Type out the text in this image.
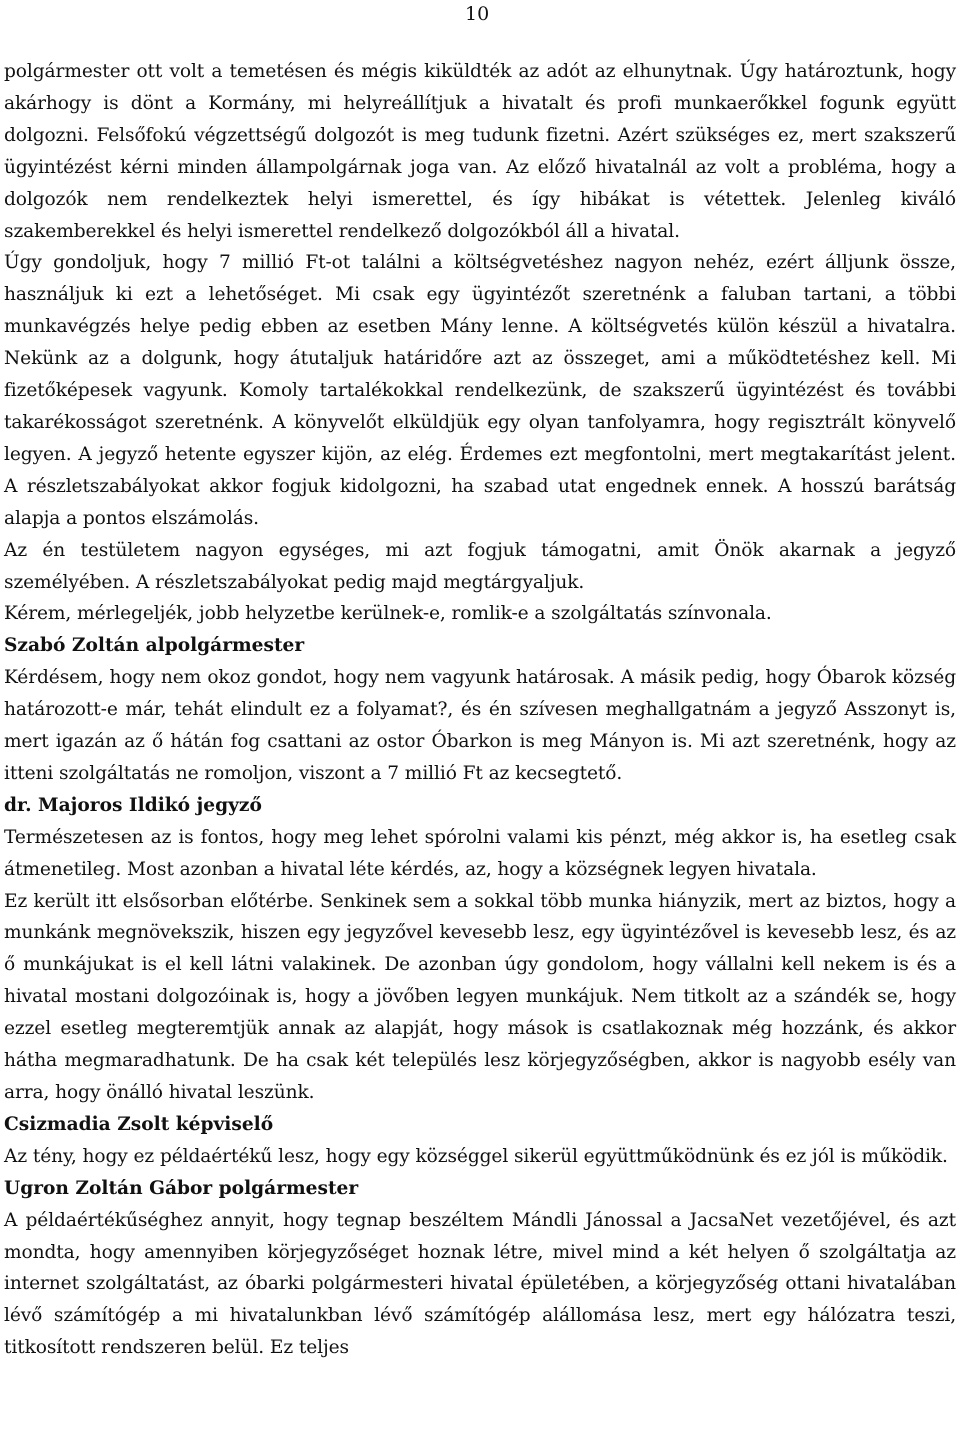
10

polgármester ott volt a temetésen és mégis kiküldték az adót az elhunytnak. Úgy határoztunk, hogy akárhogy is dönt a Kormány, mi helyreállítjuk a hivatalt és profi munkaerőkkel fogunk együtt dolgozni. Felsőfokú végzettségű dolgozót is meg tudunk fizetni. Azért szükséges ez, mert szakszerű ügyintézést kérni minden állampolgárnak joga van. Az előző hivatalnál az volt a probléma, hogy a dolgozók nem rendelkeztek helyi ismerettel, és így hibákat is vétettek. Jelenleg kiváló szakemberekkel és helyi ismerettel rendelkező dolgozókból áll a hivatal.

Úgy gondoljuk, hogy 7 millió Ft-ot találni a költségvetéshez nagyon nehéz, ezért álljunk össze, használjuk ki ezt a lehetőséget. Mi csak egy ügyintézőt szeretnénk a faluban tartani, a többi munkavégzés helye pedig ebben az esetben Mány lenne. A költségvetés külön készül a hivatalra. Nekünk az a dolgunk, hogy átutaljuk határidőre azt az összeget, ami a működtetéshez kell. Mi fizetőképesek vagyunk. Komoly tartalékokkal rendelkezünk, de szakszerű ügyintézést és további takarékosságot szeretnénk. A könyvelőt elküldjük egy olyan tanfolyamra, hogy regisztrált könyvelő legyen. A jegyző hetente egyszer kijön, az elég. Érdemes ezt megfontolni, mert megtakarítást jelent. A részletszabályokat akkor fogjuk kidolgozni, ha szabad utat engednek ennek. A hosszú barátság alapja a pontos elszámolás.

Az én testületem nagyon egységes, mi azt fogjuk támogatni, amit Önök akarnak a jegyző személyében. A részletszabályokat pedig majd megtárgyaljuk.

Kérem, mérlegeljék, jobb helyzetbe kerülnek-e, romlik-e a szolgáltatás színvonala.

Szabó Zoltán alpolgármester

Kérdésem, hogy nem okoz gondot, hogy nem vagyunk határosak. A másik pedig, hogy Óbarok község határozott-e már, tehát elindult ez a folyamat?, és én szívesen meghallgatnám a jegyző Asszonyt is, mert igazán az ő hátán fog csattani az ostor Óbarkon is meg Mányon is. Mi azt szeretnénk, hogy az itteni szolgáltatás ne romoljon, viszont a 7 millió Ft az kecsegtető.

dr. Majoros Ildikó jegyző

Természetesen az is fontos, hogy meg lehet spórolni valami kis pénzt, még akkor is, ha esetleg csak átmenetileg. Most azonban a hivatal léte kérdés, az, hogy a községnek legyen hivatala.

Ez került itt elsősorban előtérbe. Senkinek sem a sokkal több munka hiányzik, mert az biztos, hogy a munkánk megnövekszik, hiszen egy jegyzővel kevesebb lesz, egy ügyintézővel is kevesebb lesz, és az ő munkájukat is el kell látni valakinek. De azonban úgy gondolom, hogy vállalni kell nekem is és a hivatal mostani dolgozóinak is, hogy a jövőben legyen munkájuk. Nem titkolt az a szándék se, hogy ezzel esetleg megteremtjük annak az alapját, hogy mások is csatlakoznak még hozzánk, és akkor hátha megmaradhatunk. De ha csak két település lesz körjegyzőségben, akkor is nagyobb esély van arra, hogy önálló hivatal leszünk.

Csizmadia Zsolt képviselő

Az tény, hogy ez példaértékű lesz, hogy egy községgel sikerül együttműködnünk és ez jól is működik.

Ugron Zoltán Gábor polgármester

A példaértékűséghez annyit, hogy tegnap beszéltem Mándli Jánossal a JacsaNet vezetőjével, és azt mondta, hogy amennyiben körjegyzőséget hoznak létre, mivel mind a két helyen ő szolgáltatja az internet szolgáltatást, az óbarki polgármesteri hivatal épületében, a körjegyzőség ottani hivatalában lévő számítógép a mi hivatalunkban lévő számítógép alállomása lesz, mert egy hálózatra teszi, titkosított rendszeren belül. Ez teljes
